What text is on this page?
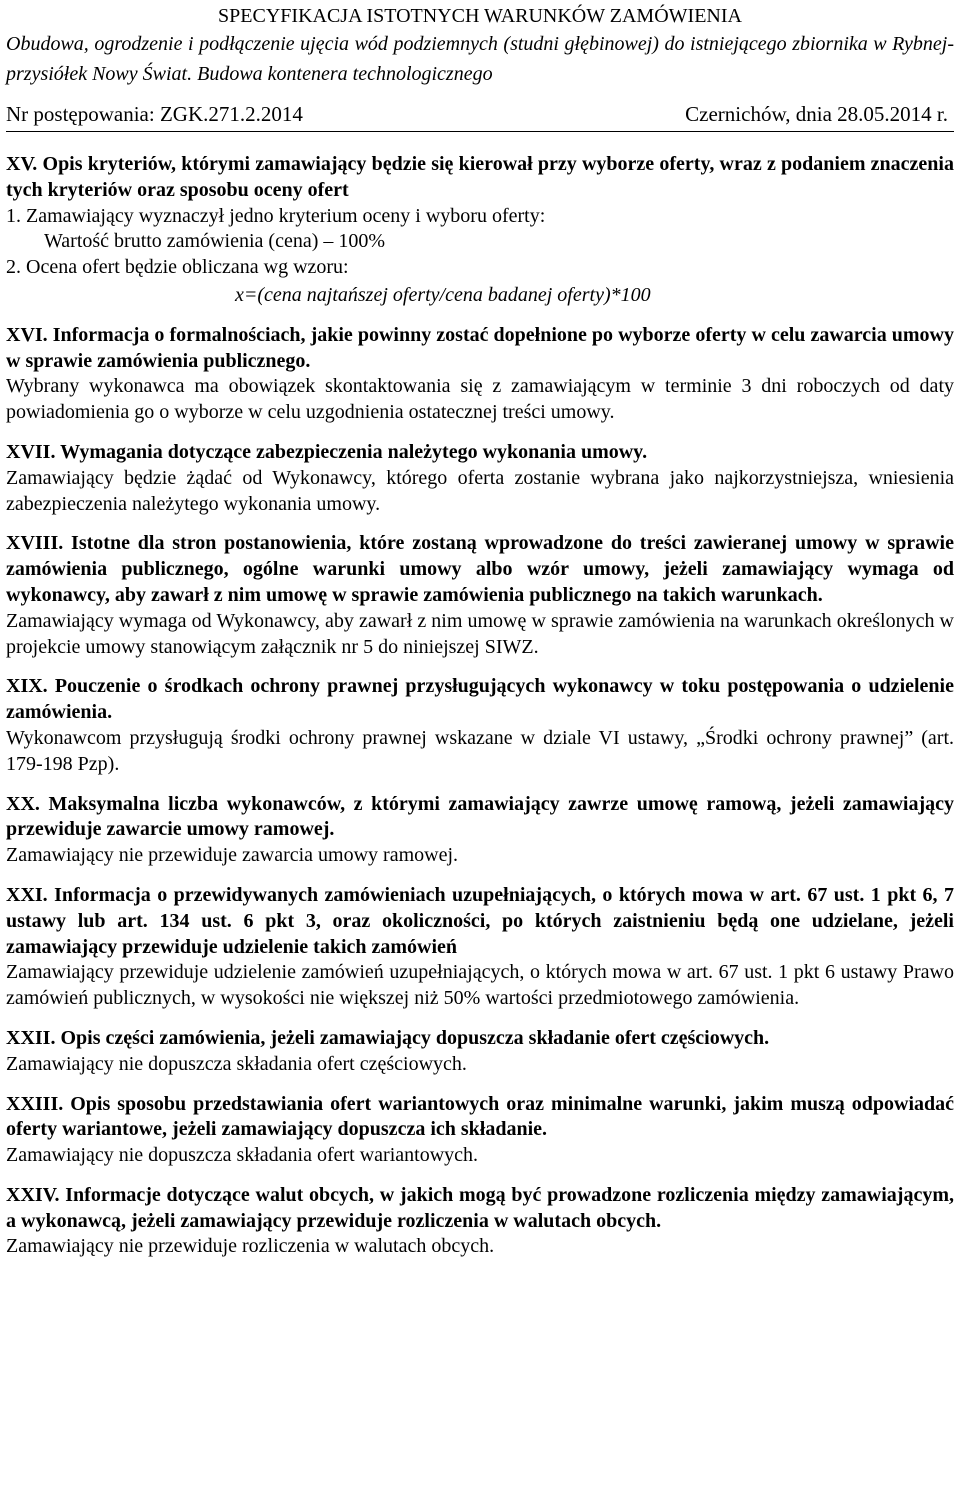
SPECYFIKACJA ISTOTNYCH WARUNKÓW ZAMÓWIENIA
Obudowa, ogrodzenie i podłączenie ujęcia wód podziemnych (studni głębinowej) do istniejącego zbiornika w Rybnej- przysiółek Nowy Świat. Budowa kontenera technologicznego
Nr postępowania: ZGK.271.2.2014	Czernichów, dnia 28.05.2014 r.
XV. Opis kryteriów, którymi zamawiający będzie się kierował przy wyborze oferty, wraz z podaniem znaczenia tych kryteriów oraz sposobu oceny ofert
1. Zamawiający wyznaczył jedno kryterium oceny i wyboru oferty:
Wartość brutto zamówienia (cena) – 100%
2. Ocena ofert będzie obliczana wg wzoru:
x=(cena najtańszej oferty/cena badanej oferty)*100
XVI. Informacja o formalnościach, jakie powinny zostać dopełnione po wyborze oferty w celu zawarcia umowy w sprawie zamówienia publicznego.
Wybrany wykonawca ma obowiązek skontaktowania się z zamawiającym w terminie 3 dni roboczych od daty powiadomienia go o wyborze w celu uzgodnienia ostatecznej treści umowy.
XVII. Wymagania dotyczące zabezpieczenia należytego wykonania umowy.
Zamawiający będzie żądać od Wykonawcy, którego oferta zostanie wybrana jako najkorzystniejsza, wniesienia zabezpieczenia należytego wykonania umowy.
XVIII. Istotne dla stron postanowienia, które zostaną wprowadzone do treści zawieranej umowy w sprawie zamówienia publicznego, ogólne warunki umowy albo wzór umowy, jeżeli zamawiający wymaga od wykonawcy, aby zawarł z nim umowę w sprawie zamówienia publicznego na takich warunkach.
Zamawiający wymaga od Wykonawcy, aby zawarł z nim umowę w sprawie zamówienia na warunkach określonych w projekcie umowy stanowiącym załącznik nr 5 do niniejszej SIWZ.
XIX. Pouczenie o środkach ochrony prawnej przysługujących wykonawcy w toku postępowania o udzielenie zamówienia.
Wykonawcom przysługują środki ochrony prawnej wskazane w dziale VI ustawy, „Środki ochrony prawnej” (art. 179-198 Pzp).
XX. Maksymalna liczba wykonawców, z którymi zamawiający zawrze umowę ramową, jeżeli zamawiający przewiduje zawarcie umowy ramowej.
Zamawiający nie przewiduje zawarcia umowy ramowej.
XXI. Informacja o przewidywanych zamówieniach uzupełniających, o których mowa w art. 67 ust. 1 pkt 6, 7 ustawy lub art. 134 ust. 6 pkt 3, oraz okoliczności, po których zaistnieniu będą one udzielane, jeżeli zamawiający przewiduje udzielenie takich zamówień
Zamawiający przewiduje udzielenie zamówień uzupełniających, o których mowa w art. 67 ust. 1 pkt 6 ustawy Prawo zamówień publicznych, w wysokości nie większej niż 50% wartości przedmiotowego zamówienia.
XXII. Opis części zamówienia, jeżeli zamawiający dopuszcza składanie ofert częściowych.
Zamawiający nie dopuszcza składania ofert częściowych.
XXIII. Opis sposobu przedstawiania ofert wariantowych oraz minimalne warunki, jakim muszą odpowiadać oferty wariantowe, jeżeli zamawiający dopuszcza ich składanie.
Zamawiający nie dopuszcza składania ofert wariantowych.
XXIV. Informacje dotyczące walut obcych, w jakich mogą być prowadzone rozliczenia między zamawiającym, a wykonawcą, jeżeli zamawiający przewiduje rozliczenia w walutach obcych.
Zamawiający nie przewiduje rozliczenia w walutach obcych.
